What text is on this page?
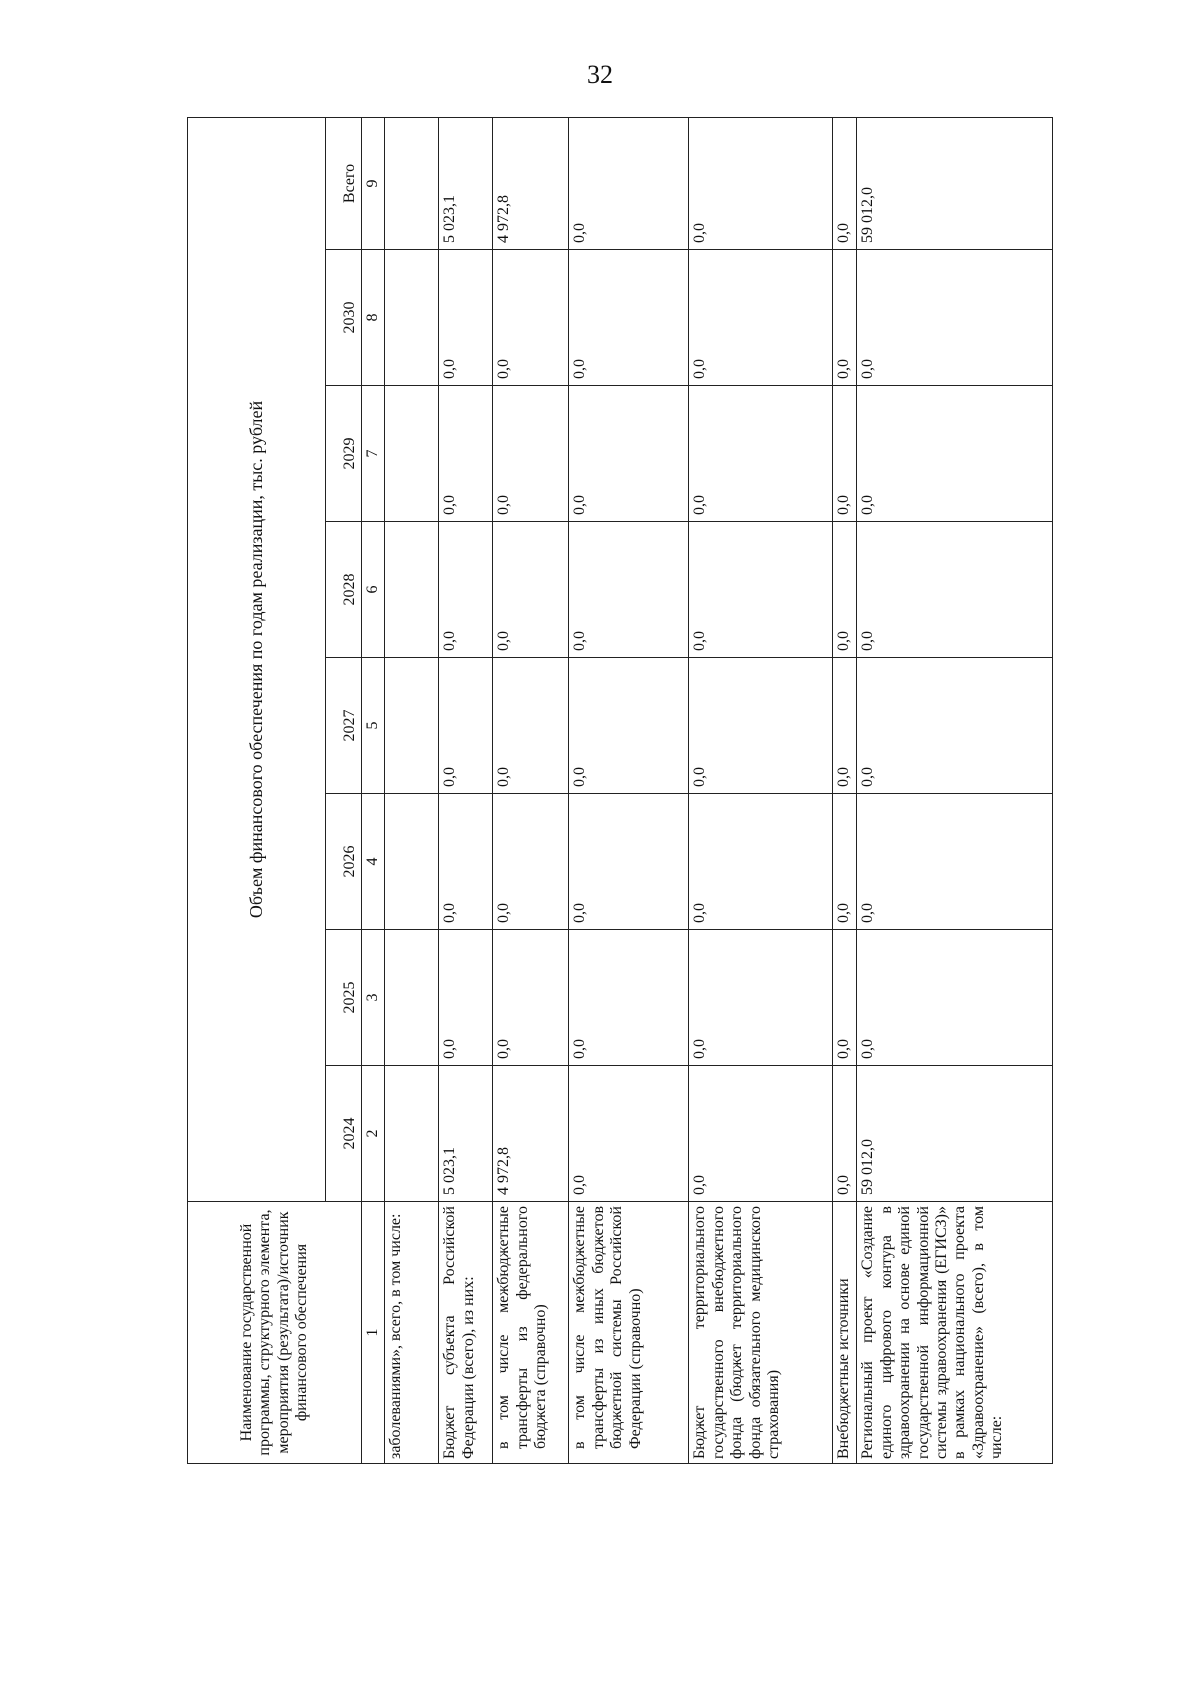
32
Наименование государственной программы, структурного элемента, мероприятия (результата)/источник финансового обеспечения	Объем финансового обеспечения по годам реализации, тыс. рублей							
	2024	2025	2026	2027	2028	2029	2030	Всего
1	2	3	4	5	6	7	8	9
заболеваниями», всего, в том числе:								
Бюджет субъекта Российской Федерации (всего), из них:	5 023,1	0,0	0,0	0,0	0,0	0,0	0,0	5 023,1
в том числе межбюджетные трансферты из федерального бюджета (справочно)	4 972,8	0,0	0,0	0,0	0,0	0,0	0,0	4 972,8
в том числе межбюджетные трансферты из иных бюджетов бюджетной системы Российской Федерации (справочно)	0,0	0,0	0,0	0,0	0,0	0,0	0,0	0,0
Бюджет территориального государственного внебюджетного фонда (бюджет территориального фонда обязательного медицинского страхования)	0,0	0,0	0,0	0,0	0,0	0,0	0,0	0,0
Внебюджетные источники	0,0	0,0	0,0	0,0	0,0	0,0	0,0	0,0
Региональный проект «Создание единого цифрового контура в здравоохранении на основе единой государственной информационной системы здравоохранения (ЕГИСЗ)» в рамках национального проекта «Здравоохранение» (всего), в том числе:	59 012,0	0,0	0,0	0,0	0,0	0,0	0,0	59 012,0
